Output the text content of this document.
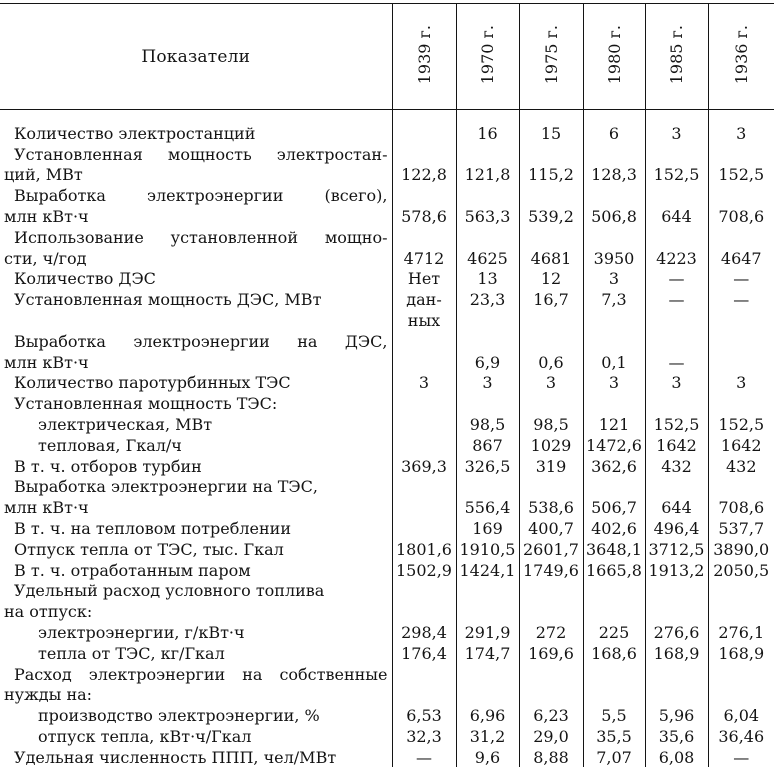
Показатели	1939 г.	1970 г.	1975 г.	1980 г.	1985 г.	1936 г.

Количество электростанций		16	15	6	3	3
Установленная мощность электростан-						
ций, МВт	122,8	121,8	115,2	128,3	152,5	152,5
Выработка электроэнергии (всего),						
млн кВт·ч	578,6	563,3	539,2	506,8	644	708,6
Использование установленной мощно-						
сти, ч/год	4712	4625	4681	3950	4223	4647
Количество ДЭС	Нет	13	12	3	—	—
Установленная мощность ДЭС, МВт	дан-	23,3	16,7	7,3	—	—
	ных					
Выработка электроэнергии на ДЭС,						
млн кВт·ч		6,9	0,6	0,1	—	
Количество паротурбинных ТЭС	3	3	3	3	3	3
Установленная мощность ТЭС:						
электрическая, МВт		98,5	98,5	121	152,5	152,5
тепловая, Гкал/ч		867	1029	1472,6	1642	1642
В т. ч. отборов турбин	369,3	326,5	319	362,6	432	432
Выработка электроэнергии на ТЭС,						
млн кВт·ч		556,4	538,6	506,7	644	708,6
В т. ч. на тепловом потреблении		169	400,7	402,6	496,4	537,7
Отпуск тепла от ТЭС, тыс. Гкал	1801,6	1910,5	2601,7	3648,1	3712,5	3890,0
В т. ч. отработанным паром	1502,9	1424,1	1749,6	1665,8	1913,2	2050,5
Удельный расход условного топлива						
на отпуск:						
электроэнергии, г/кВт·ч	298,4	291,9	272	225	276,6	276,1
тепла от ТЭС, кг/Гкал	176,4	174,7	169,6	168,6	168,9	168,9
Расход электроэнергии на собственные						
нужды на:						
производство электроэнергии, %	6,53	6,96	6,23	5,5	5,96	6,04
отпуск тепла, кВт·ч/Гкал	32,3	31,2	29,0	35,5	35,6	36,46
Удельная численность ППП, чел/МВт	—	9,6	8,88	7,07	6,08	—
